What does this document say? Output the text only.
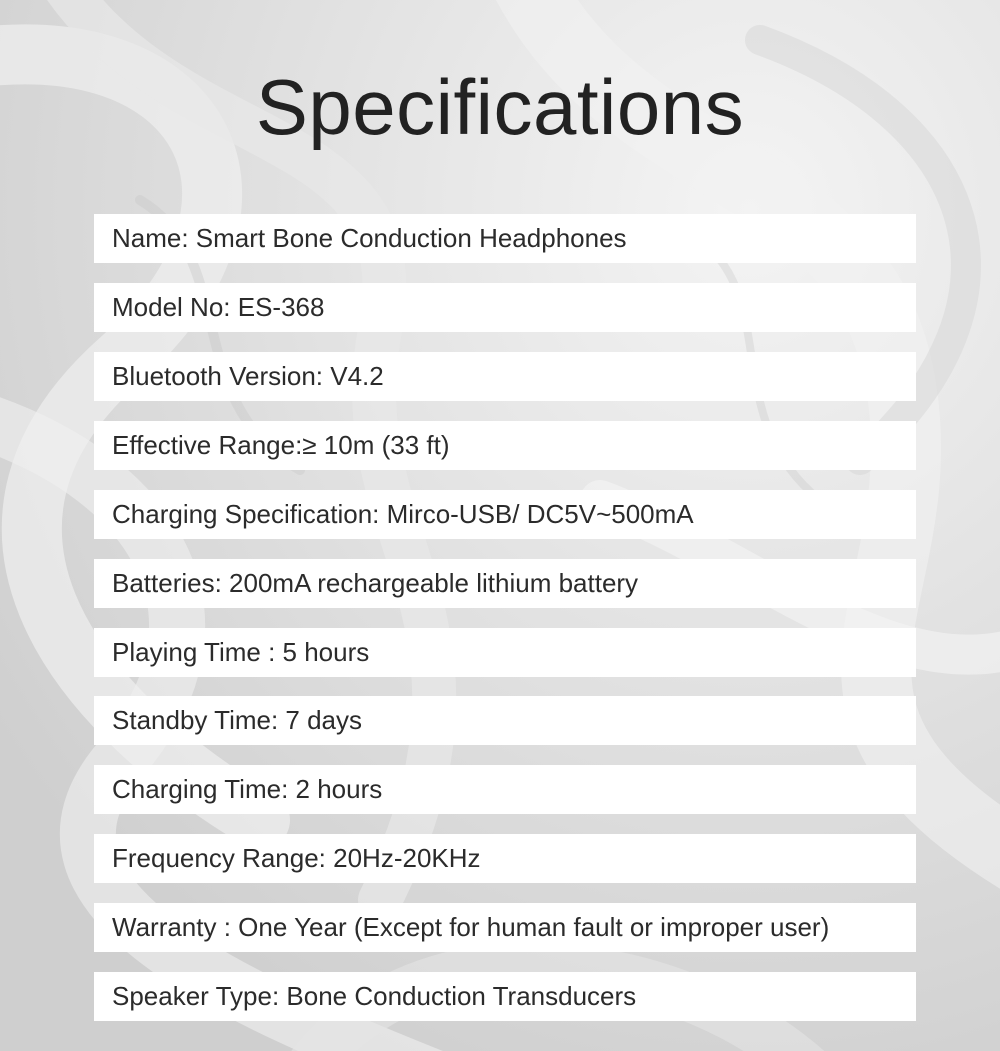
Specifications
Name: Smart Bone Conduction Headphones
Model No: ES-368
Bluetooth Version: V4.2
Effective Range:≥ 10m (33 ft)
Charging Specification: Mirco-USB/ DC5V~500mA
Batteries: 200mA rechargeable lithium battery
Playing Time : 5 hours
Standby Time: 7 days
Charging Time: 2 hours
Frequency Range: 20Hz-20KHz
Warranty : One Year (Except for human fault or improper user)
Speaker Type: Bone Conduction Transducers
